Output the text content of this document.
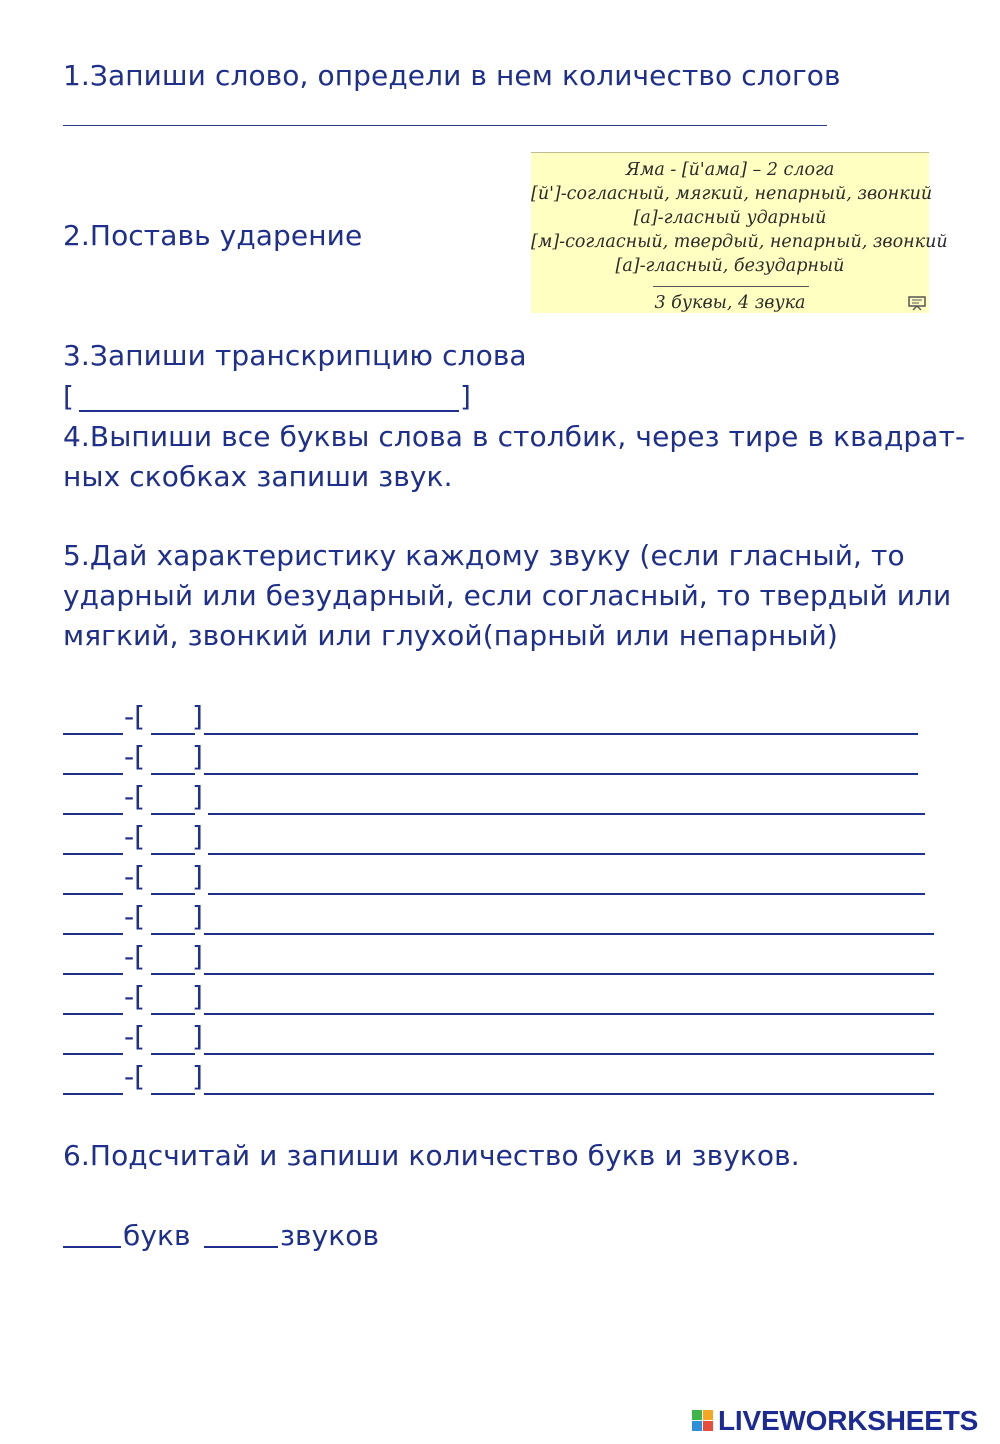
1.Запиши слово, определи в нем количество слогов
2.Поставь ударение
Яма - [й'ама] – 2 слога
[й']-согласный, мягкий, непарный, звонкий
[а]-гласный ударный
[м]-согласный, твердый, непарный, звонкий
[а]-гласный, безударный
3 буквы, 4 звука
3.Запиши транскрипцию слова
[	]
4.Выпиши все буквы слова в столбик, через тире в квадрат-
ных скобках запиши звук.
5.Дай характеристику каждому звуку (если гласный, то
ударный или безударный, если согласный, то твердый или
мягкий, звонкий или глухой(парный или непарный)
-[ ]
-[ ]
-[ ]
-[ ]
-[ ]
-[ ]
-[ ]
-[ ]
-[ ]
-[ ]
6.Подсчитай и запиши количество букв и звуков.
букв	звуков
LIVEWORKSHEETS
